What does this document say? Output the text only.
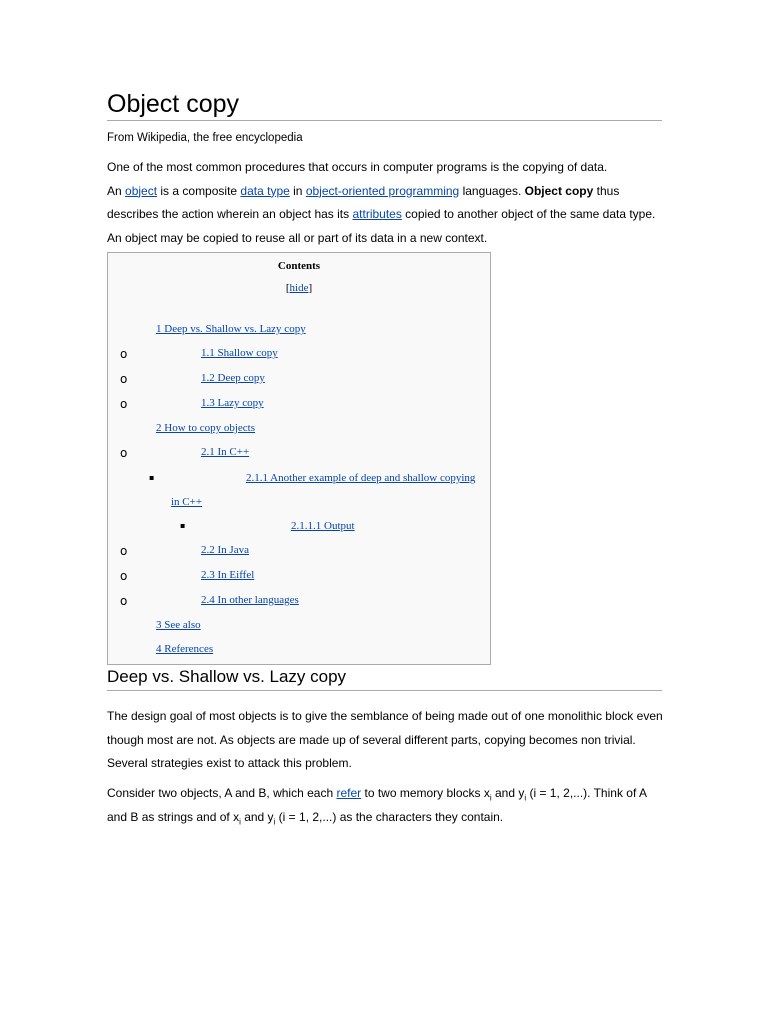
Object copy
From Wikipedia, the free encyclopedia
One of the most common procedures that occurs in computer programs is the copying of data.
An object is a composite data type in object-oriented programming languages. Object copy thus
describes the action wherein an object has its attributes copied to another object of the same data type.
An object may be copied to reuse all or part of its data in a new context.
Contents
[hide]
1 Deep vs. Shallow vs. Lazy copy
o	1.1 Shallow copy
o	1.2 Deep copy
o	1.3 Lazy copy
2 How to copy objects
o	2.1 In C++
▪	2.1.1 Another example of deep and shallow copying
in C++
▪	2.1.1.1 Output
o	2.2 In Java
o	2.3 In Eiffel
o	2.4 In other languages
3 See also
4 References
Deep vs. Shallow vs. Lazy copy
The design goal of most objects is to give the semblance of being made out of one monolithic block even though most are not. As objects are made up of several different parts, copying becomes non trivial. Several strategies exist to attack this problem.
Consider two objects, A and B, which each refer to two memory blocks $x_i$ and $y_i$ (i = 1, 2,...). Think of A and B as strings and of $x_i$ and $y_i$ (i = 1, 2,...) as the characters they contain.
